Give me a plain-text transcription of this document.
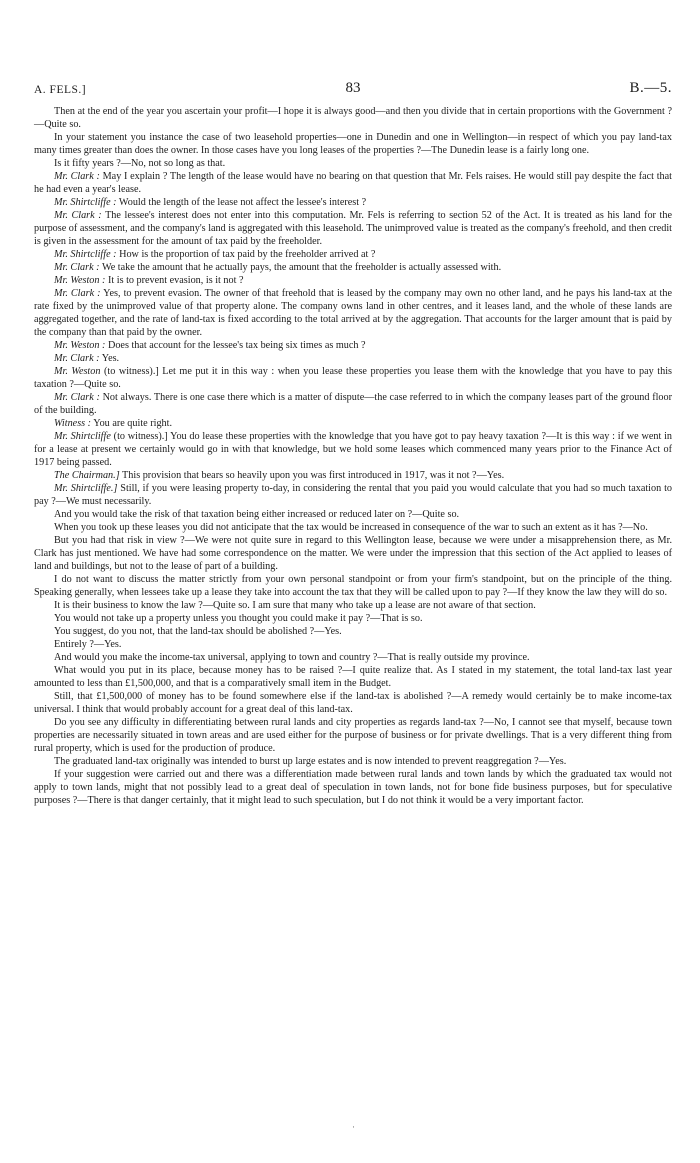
A. FELS.]	83	B.—5.

Then at the end of the year you ascertain your profit—I hope it is always good—and then you divide that in certain proportions with the Government ?—Quite so.

In your statement you instance the case of two leasehold properties—one in Dunedin and one in Wellington—in respect of which you pay land-tax many times greater than does the owner. In those cases have you long leases of the properties ?—The Dunedin lease is a fairly long one.

Is it fifty years ?—No, not so long as that.

Mr. Clark : May I explain ? The length of the lease would have no bearing on that question that Mr. Fels raises. He would still pay despite the fact that he had even a year's lease.

Mr. Shirtcliffe : Would the length of the lease not affect the lessee's interest ?

Mr. Clark : The lessee's interest does not enter into this computation. Mr. Fels is referring to section 52 of the Act. It is treated as his land for the purpose of assessment, and the company's land is aggregated with this leasehold. The unimproved value is treated as the company's freehold, and then credit is given in the assessment for the amount of tax paid by the freeholder.

Mr. Shirtcliffe : How is the proportion of tax paid by the freeholder arrived at ?

Mr. Clark : We take the amount that he actually pays, the amount that the freeholder is actually assessed with.

Mr. Weston : It is to prevent evasion, is it not ?

Mr. Clark : Yes, to prevent evasion. The owner of that freehold that is leased by the company may own no other land, and he pays his land-tax at the rate fixed by the unimproved value of that property alone. The company owns land in other centres, and it leases land, and the whole of these lands are aggregated together, and the rate of land-tax is fixed according to the total arrived at by the aggregation. That accounts for the larger amount that is paid by the company than that paid by the owner.

Mr. Weston : Does that account for the lessee's tax being six times as much ?

Mr. Clark : Yes.

Mr. Weston (to witness).] Let me put it in this way : when you lease these properties you lease them with the knowledge that you have to pay this taxation ?—Quite so.

Mr. Clark : Not always. There is one case there which is a matter of dispute—the case referred to in which the company leases part of the ground floor of the building.

Witness : You are quite right.

Mr. Shirtcliffe (to witness).] You do lease these properties with the knowledge that you have got to pay heavy taxation ?—It is this way : if we went in for a lease at present we certainly would go in with that knowledge, but we hold some leases which commenced many years prior to the Finance Act of 1917 being passed.

The Chairman.] This provision that bears so heavily upon you was first introduced in 1917, was it not ?—Yes.

Mr. Shirtcliffe.] Still, if you were leasing property to-day, in considering the rental that you paid you would calculate that you had so much taxation to pay ?—We must necessarily.

And you would take the risk of that taxation being either increased or reduced later on ?—Quite so.

When you took up these leases you did not anticipate that the tax would be increased in consequence of the war to such an extent as it has ?—No.

But you had that risk in view ?—We were not quite sure in regard to this Wellington lease, because we were under a misapprehension there, as Mr. Clark has just mentioned. We have had some correspondence on the matter. We were under the impression that this section of the Act applied to leases of land and buildings, but not to the lease of part of a building.

I do not want to discuss the matter strictly from your own personal standpoint or from your firm's standpoint, but on the principle of the thing. Speaking generally, when lessees take up a lease they take into account the tax that they will be called upon to pay ?—If they know the law they will do so.

It is their business to know the law ?—Quite so. I am sure that many who take up a lease are not aware of that section.

You would not take up a property unless you thought you could make it pay ?—That is so.

You suggest, do you not, that the land-tax should be abolished ?—Yes.

Entirely ?—Yes.

And would you make the income-tax universal, applying to town and country ?—That is really outside my province.

What would you put in its place, because money has to be raised ?—I quite realize that. As I stated in my statement, the total land-tax last year amounted to less than £1,500,000, and that is a comparatively small item in the Budget.

Still, that £1,500,000 of money has to be found somewhere else if the land-tax is abolished ?—A remedy would certainly be to make income-tax universal. I think that would probably account for a great deal of this land-tax.

Do you see any difficulty in differentiating between rural lands and city properties as regards land-tax ?—No, I cannot see that myself, because town properties are necessarily situated in town areas and are used either for the purpose of business or for private dwellings. That is a very different thing from rural property, which is used for the production of produce.

The graduated land-tax originally was intended to burst up large estates and is now intended to prevent reaggregation ?—Yes.

If your suggestion were carried out and there was a differentiation made between rural lands and town lands by which the graduated tax would not apply to town lands, might that not possibly lead to a great deal of speculation in town lands, not for bone fide business purposes, but for speculative purposes ?—There is that danger certainly, that it might lead to such speculation, but I do not think it would be a very important factor.

·
